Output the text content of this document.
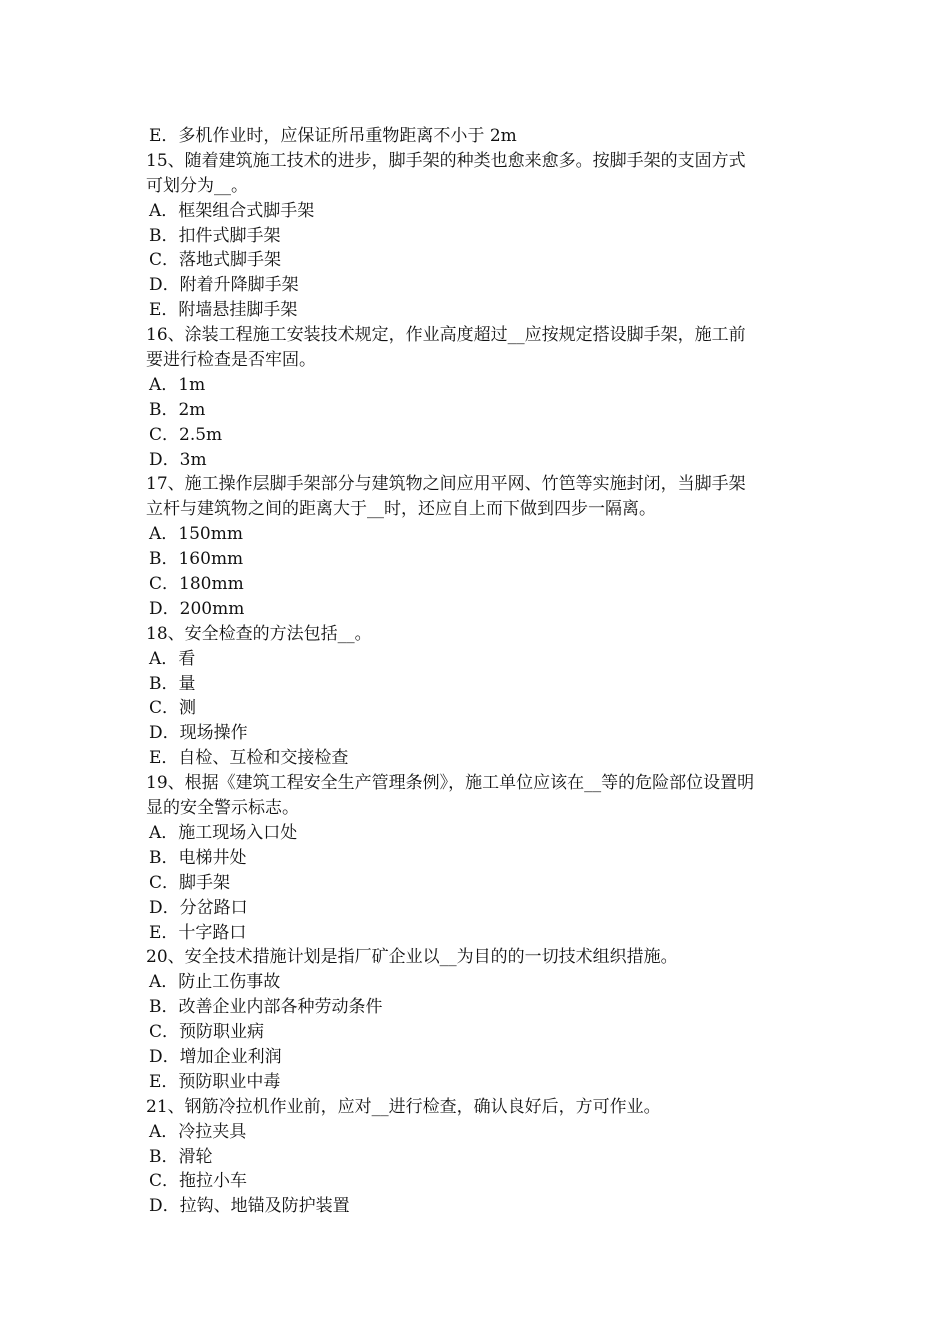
E．多机作业时，应保证所吊重物距离不小于 2m
15、随着建筑施工技术的进步，脚手架的种类也愈来愈多。按脚手架的支固方式
可划分为__。
A．框架组合式脚手架
B．扣件式脚手架
C．落地式脚手架
D．附着升降脚手架
E．附墙悬挂脚手架
16、涂装工程施工安装技术规定，作业高度超过__应按规定搭设脚手架，施工前
要进行检查是否牢固。
A．1m
B．2m
C．2.5m
D．3m
17、施工操作层脚手架部分与建筑物之间应用平网、竹笆等实施封闭，当脚手架
立杆与建筑物之间的距离大于__时，还应自上而下做到四步一隔离。
A．150mm
B．160mm
C．180mm
D．200mm
18、安全检查的方法包括__。
A．看
B．量
C．测
D．现场操作
E．自检、互检和交接检查
19、根据《建筑工程安全生产管理条例》，施工单位应该在__等的危险部位设置明
显的安全警示标志。
A．施工现场入口处
B．电梯井处
C．脚手架
D．分岔路口
E．十字路口
20、安全技术措施计划是指厂矿企业以__为目的的一切技术组织措施。
A．防止工伤事故
B．改善企业内部各种劳动条件
C．预防职业病
D．增加企业利润
E．预防职业中毒
21、钢筋冷拉机作业前，应对__进行检查，确认良好后，方可作业。
A．冷拉夹具
B．滑轮
C．拖拉小车
D．拉钩、地锚及防护装置
